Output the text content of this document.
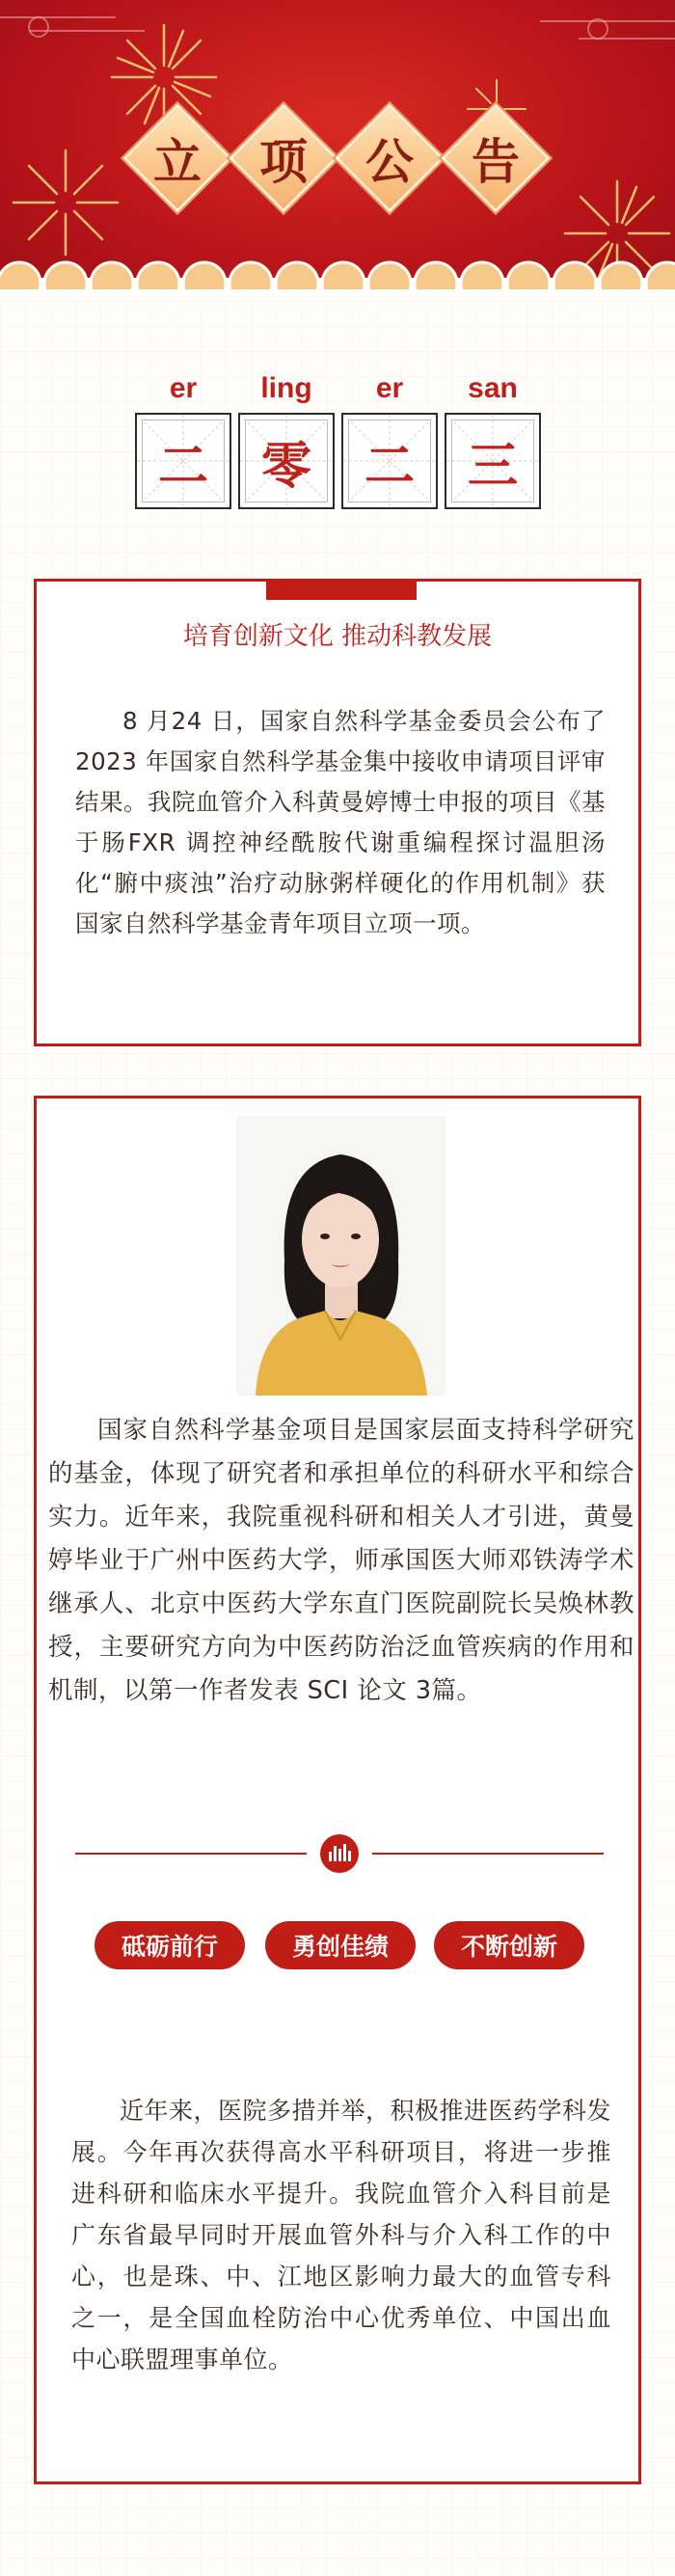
立	项	公	告
er	ling	er	san
二	零	二	三
培育创新文化 推动科教发展
8 月24 日，国家自然科学基金委员会公布了2023 年国家自然科学基金集中接收申请项目评审结果。我院血管介入科黄曼婷博士申报的项目《基于肠FXR 调控神经酰胺代谢重编程探讨温胆汤化“腑中痰浊”治疗动脉粥样硬化的作用机制》获国家自然科学基金青年项目立项一项。
国家自然科学基金项目是国家层面支持科学研究的基金，体现了研究者和承担单位的科研水平和综合实力。近年来，我院重视科研和相关人才引进，黄曼婷毕业于广州中医药大学，师承国医大师邓铁涛学术继承人、北京中医药大学东直门医院副院长吴焕林教授，主要研究方向为中医药防治泛血管疾病的作用和机制，以第一作者发表 SCI 论文 3篇。
砥砺前行	勇创佳绩	不断创新
近年来，医院多措并举，积极推进医药学科发展。今年再次获得高水平科研项目，将进一步推进科研和临床水平提升。我院血管介入科目前是广东省最早同时开展血管外科与介入科工作的中心，也是珠、中、江地区影响力最大的血管专科之一，是全国血栓防治中心优秀单位、中国出血中心联盟理事单位。
